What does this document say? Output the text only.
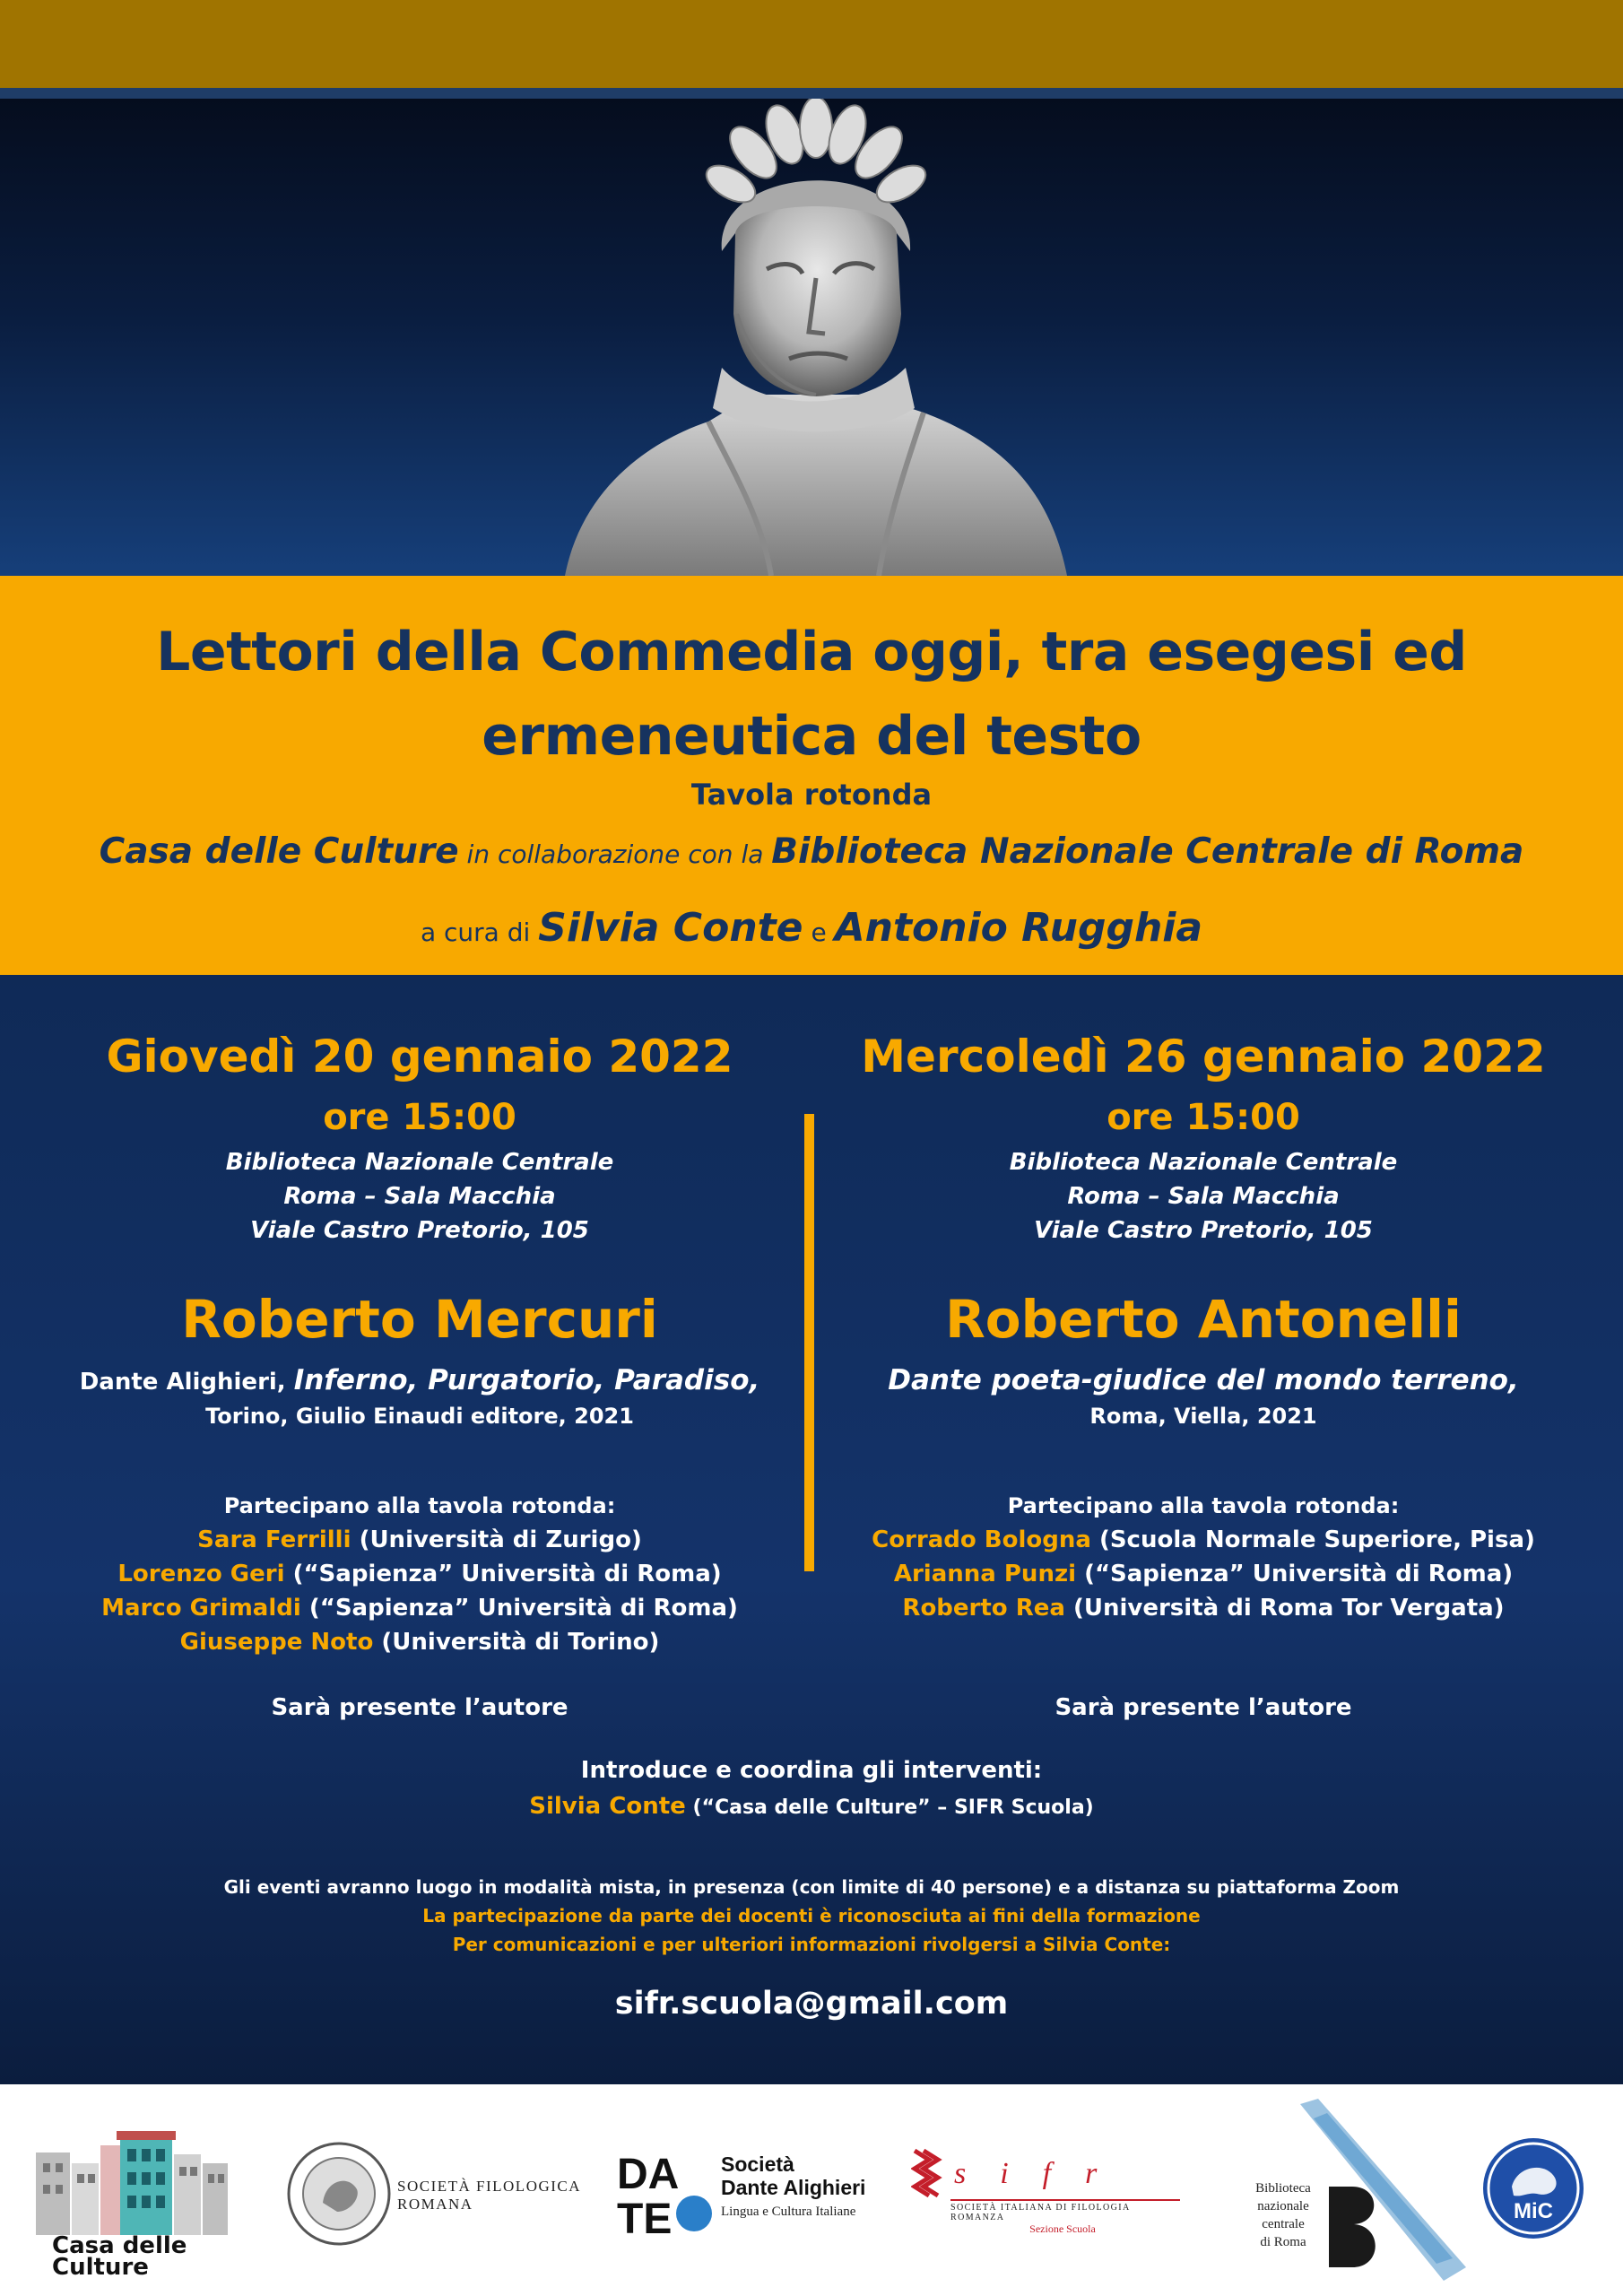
Lettori della Commedia oggi, tra esegesi ed ermeneutica del testo
Tavola rotonda
Casa delle Culture in collaborazione con la Biblioteca Nazionale Centrale di Roma
a cura di Silvia Conte e Antonio Rugghia
Giovedì 20 gennaio 2022
ore 15:00
Biblioteca Nazionale Centrale
Roma – Sala Macchia
Viale Castro Pretorio, 105
Roberto Mercuri
Dante Alighieri, Inferno, Purgatorio, Paradiso,
Torino, Giulio Einaudi editore, 2021
Partecipano alla tavola rotonda:
Sara Ferrilli (Università di Zurigo)
Lorenzo Geri (“Sapienza” Università di Roma)
Marco Grimaldi (“Sapienza” Università di Roma)
Giuseppe Noto (Università di Torino)
Sarà presente l’autore
Mercoledì 26 gennaio 2022
ore 15:00
Biblioteca Nazionale Centrale
Roma – Sala Macchia
Viale Castro Pretorio, 105
Roberto Antonelli
Dante poeta-giudice del mondo terreno,
Roma, Viella, 2021
Partecipano alla tavola rotonda:
Corrado Bologna (Scuola Normale Superiore, Pisa)
Arianna Punzi (“Sapienza” Università di Roma)
Roberto Rea (Università di Roma Tor Vergata)
Sarà presente l’autore
Introduce e coordina gli interventi:
Silvia Conte (“Casa delle Culture” – SIFR Scuola)
Gli eventi avranno luogo in modalità mista, in presenza (con limite di 40 persone) e a distanza su piattaforma Zoom
La partecipazione da parte dei docenti è riconosciuta ai fini della formazione
Per comunicazioni e per ulteriori informazioni rivolgersi a Silvia Conte:
sifr.scuola@gmail.com
Casa delle
Culture
SOCIETÀ FILOLOGICA
ROMANA
DA
TE
Società
Dante Alighieri
Lingua e Cultura Italiane
sifr
SOCIETÀ ITALIANA DI FILOLOGIA ROMANZA
Sezione Scuola
Biblioteca
nazionale
centrale
di Roma
MiC
